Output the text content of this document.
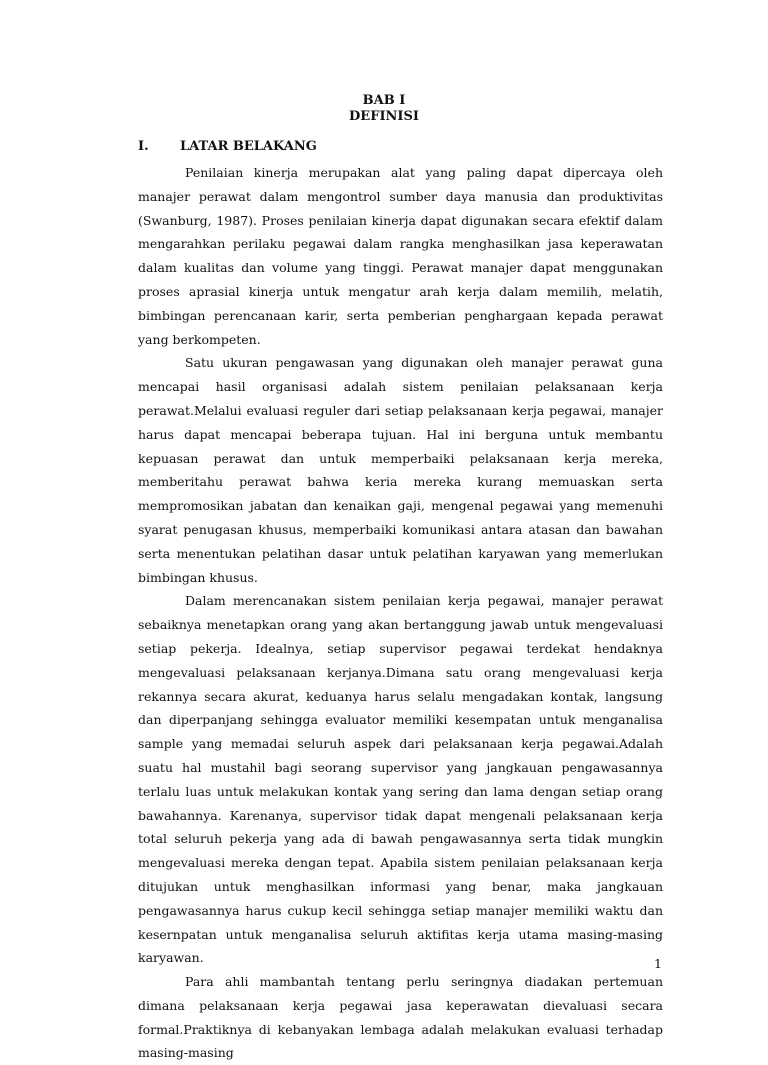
BAB I
DEFINISI
I. LATAR BELAKANG

Penilaian kinerja merupakan alat yang paling dapat dipercaya oleh manajer perawat dalam mengontrol sumber daya manusia dan produktivitas (Swanburg, 1987). Proses penilaian kinerja dapat digunakan secara efektif dalam mengarahkan perilaku pegawai dalam rangka menghasilkan jasa keperawatan dalam kualitas dan volume yang tinggi. Perawat manajer dapat menggunakan proses aprasial kinerja untuk mengatur arah kerja dalam memilih, melatih, bimbingan perencanaan karir, serta pemberian penghargaan kepada perawat yang berkompeten.

Satu ukuran pengawasan yang digunakan oleh manajer perawat guna mencapai hasil organisasi adalah sistem penilaian pelaksanaan kerja perawat.Melalui evaluasi reguler dari setiap pelaksanaan kerja pegawai, manajer harus dapat mencapai beberapa tujuan. Hal ini berguna untuk membantu kepuasan perawat dan untuk memperbaiki pelaksanaan kerja mereka, memberitahu perawat bahwa keria mereka kurang memuaskan serta mempromosikan jabatan dan kenaikan gaji, mengenal pegawai yang memenuhi syarat penugasan khusus, memperbaiki komunikasi antara atasan dan bawahan serta menentukan pelatihan dasar untuk pelatihan karyawan yang memerlukan bimbingan khusus.

Dalam merencanakan sistem penilaian kerja pegawai, manajer perawat sebaiknya menetapkan orang yang akan bertanggung jawab untuk mengevaluasi setiap pekerja. Idealnya, setiap supervisor pegawai terdekat hendaknya mengevaluasi pelaksanaan kerjanya.Dimana satu orang mengevaluasi kerja rekannya secara akurat, keduanya harus selalu mengadakan kontak, langsung dan diperpanjang sehingga evaluator memiliki kesempatan untuk menganalisa sample yang memadai seluruh aspek dari pelaksanaan kerja pegawai.Adalah suatu hal mustahil bagi seorang supervisor yang jangkauan pengawasannya terlalu luas untuk melakukan kontak yang sering dan lama dengan setiap orang bawahannya. Karenanya, supervisor tidak dapat mengenali pelaksanaan kerja total seluruh pekerja yang ada di bawah pengawasannya serta tidak mungkin mengevaluasi mereka dengan tepat. Apabila sistem penilaian pelaksanaan kerja ditujukan untuk menghasilkan informasi yang benar, maka jangkauan pengawasannya harus cukup kecil sehingga setiap manajer memiliki waktu dan kesernpatan untuk menganalisa seluruh aktifitas kerja utama masing-masing karyawan.

Para ahli mambantah tentang perlu seringnya diadakan pertemuan dimana pelaksanaan kerja pegawai jasa keperawatan dievaluasi secara formal.Praktiknya di kebanyakan lembaga adalah melakukan evaluasi terhadap masing-masing

1
